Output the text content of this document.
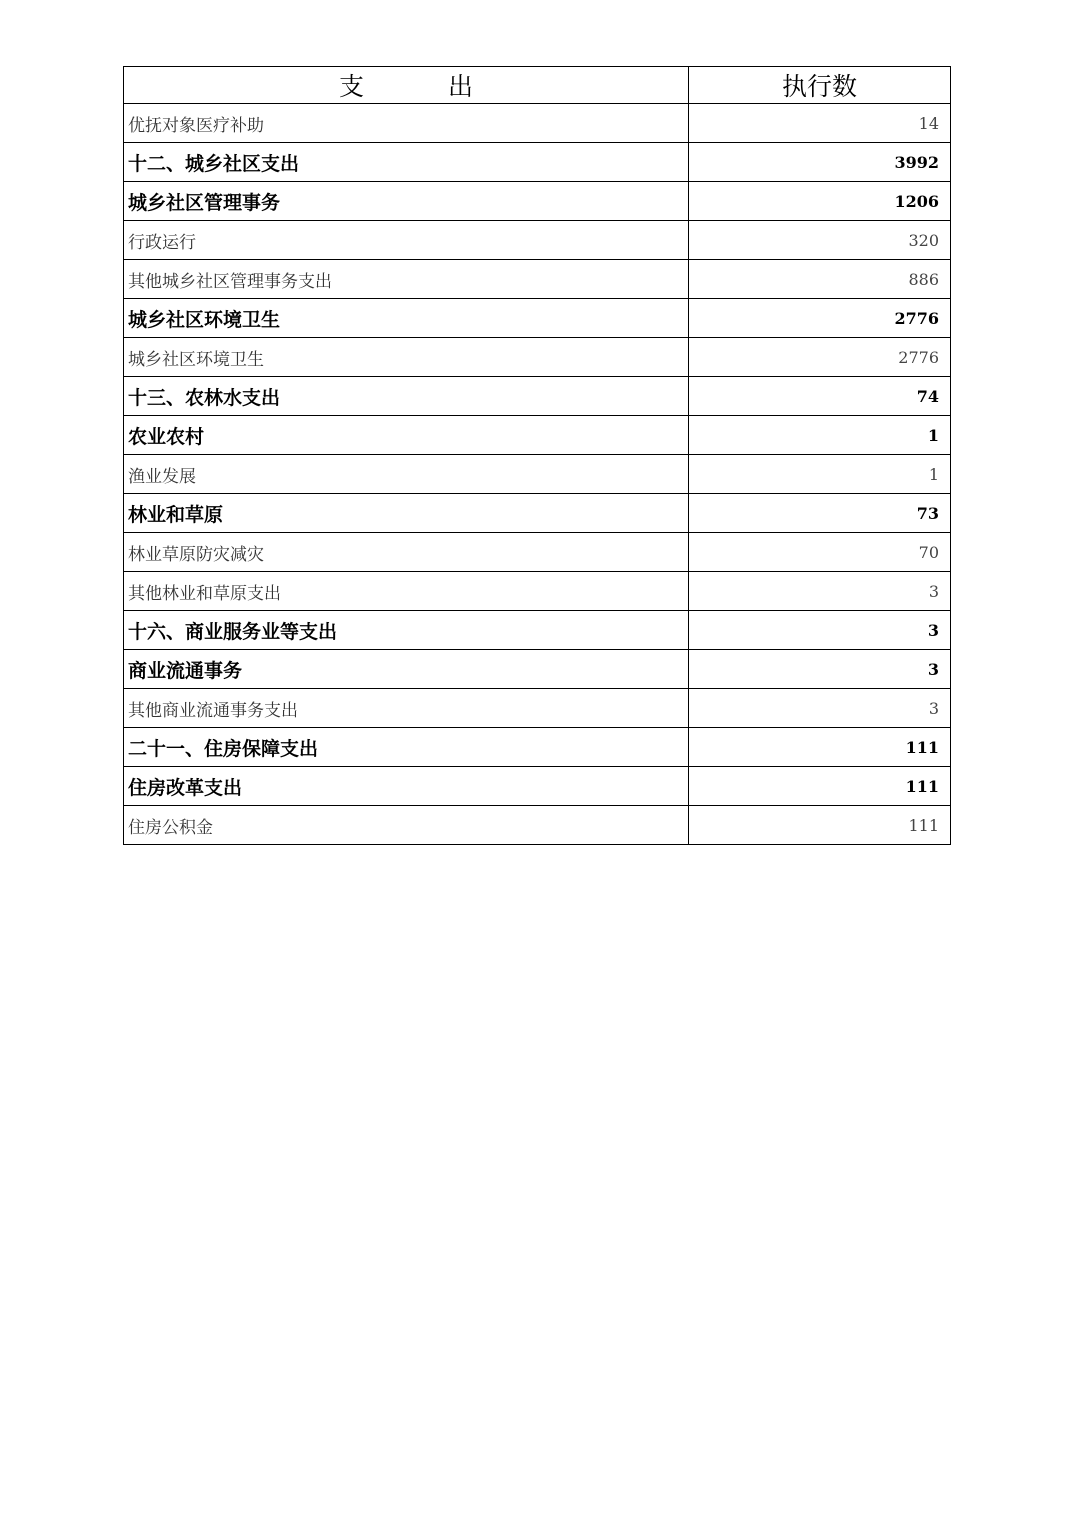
支 出	执行数
优抚对象医疗补助	14
十二、城乡社区支出	3992
城乡社区管理事务	1206
行政运行	320
其他城乡社区管理事务支出	886
城乡社区环境卫生	2776
城乡社区环境卫生	2776
十三、农林水支出	74
农业农村	1
渔业发展	1
林业和草原	73
林业草原防灾减灾	70
其他林业和草原支出	3
十六、商业服务业等支出	3
商业流通事务	3
其他商业流通事务支出	3
二十一、住房保障支出	111
住房改革支出	111
住房公积金	111
